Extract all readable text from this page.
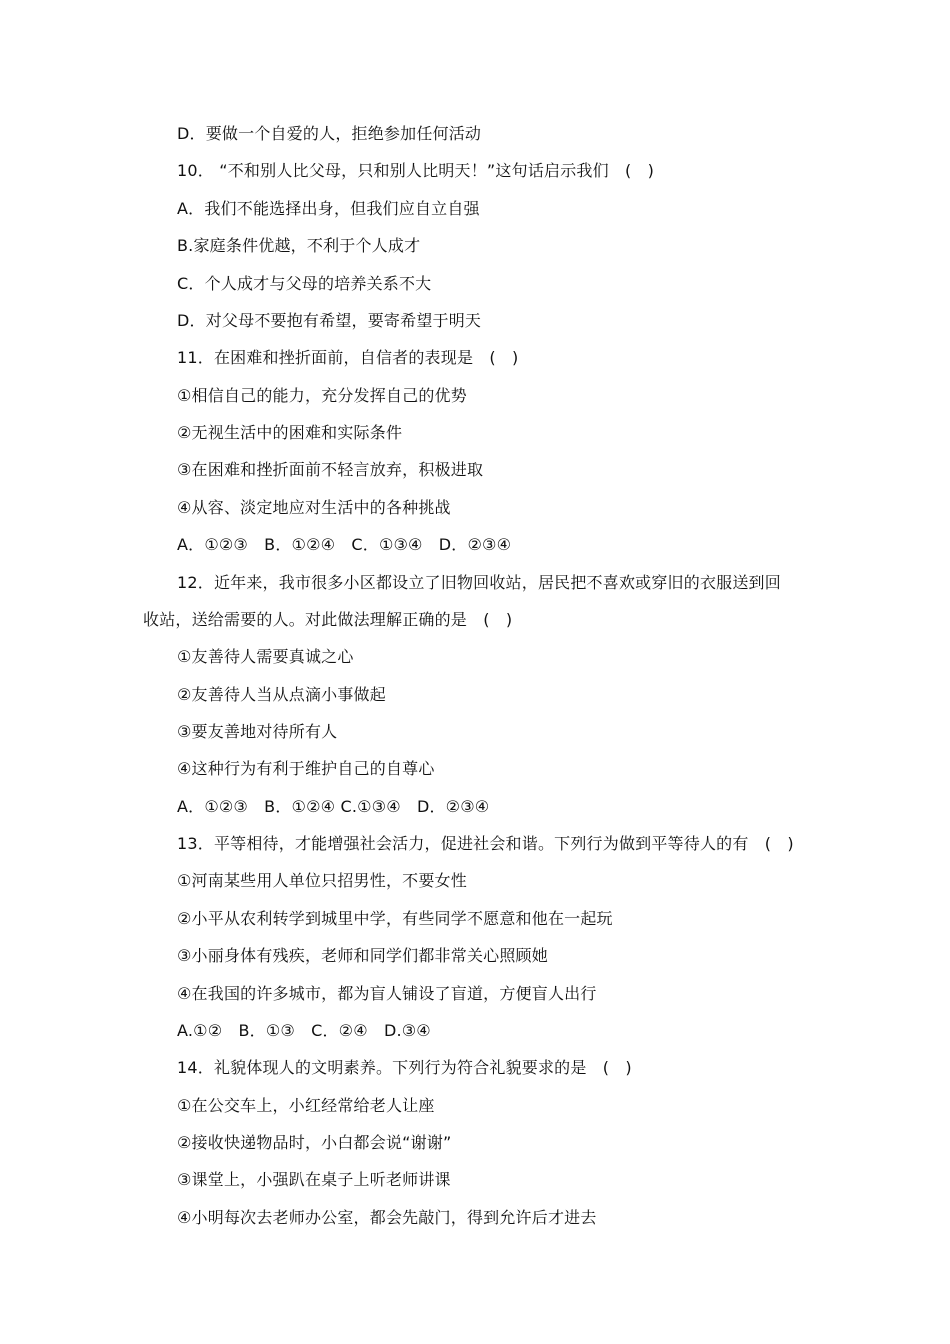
D．要做一个自爱的人，拒绝参加任何活动
10． “不和别人比父母，只和别人比明天！”这句话启示我们　(　)
A．我们不能选择出身，但我们应自立自强
B.家庭条件优越，不利于个人成才
C．个人成才与父母的培养关系不大
D．对父母不要抱有希望，要寄希望于明天
11．在困难和挫折面前，自信者的表现是　(　)
①相信自己的能力，充分发挥自己的优势
②无视生活中的困难和实际条件
③在困难和挫折面前不轻言放弃，积极进取
④从容、淡定地应对生活中的各种挑战
A．①②③　B．①②④　C．①③④　D．②③④
12．近年来，我市很多小区都设立了旧物回收站，居民把不喜欢或穿旧的衣服送到回
收站，送给需要的人。对此做法理解正确的是　(　)
①友善待人需要真诚之心
②友善待人当从点滴小事做起
③要友善地对待所有人
④这种行为有利于维护自己的自尊心
A．①②③　B．①②④ C.①③④　D．②③④
13．平等相待，才能增强社会活力，促进社会和谐。下列行为做到平等待人的有　(　)
①河南某些用人单位只招男性，不要女性
②小平从农利转学到城里中学，有些同学不愿意和他在一起玩
③小丽身体有残疾，老师和同学们都非常关心照顾她
④在我国的许多城市，都为盲人铺设了盲道，方便盲人出行
A.①②　B．①③　C．②④　D.③④
14．礼貌体现人的文明素养。下列行为符合礼貌要求的是　(　)
①在公交车上，小红经常给老人让座
②接收快递物品时，小白都会说“谢谢”
③课堂上，小强趴在桌子上听老师讲课
④小明每次去老师办公室，都会先敲门，得到允许后才进去
